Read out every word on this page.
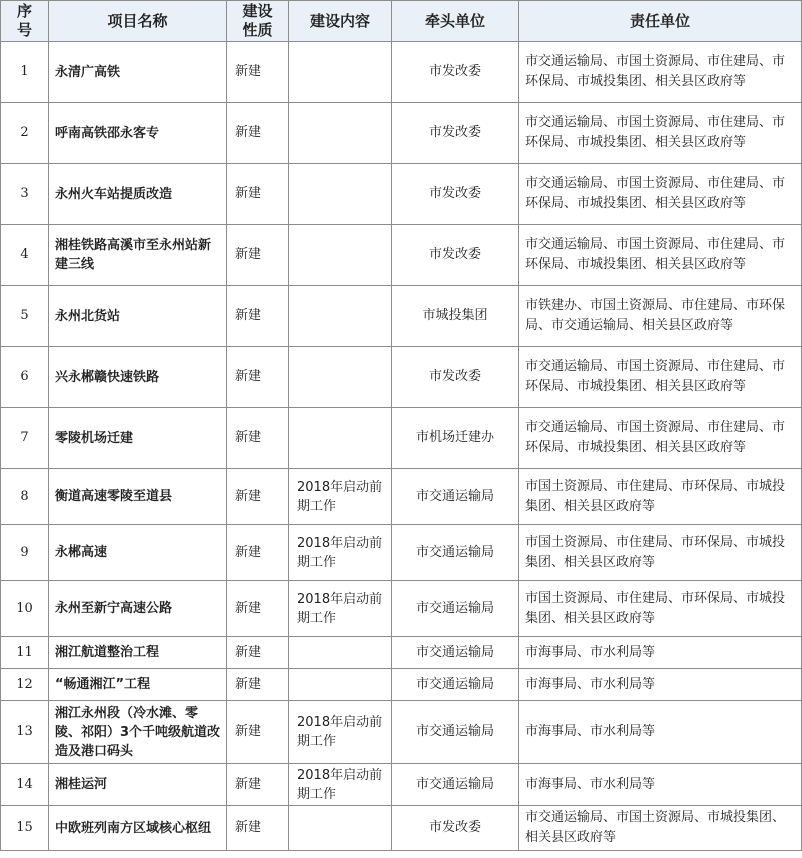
序号	项目名称	建设性质	建设内容	牵头单位	责任单位
1	永清广高铁	新建		市发改委	市交通运输局、市国土资源局、市住建局、市环保局、市城投集团、相关县区政府等
2	呼南高铁邵永客专	新建		市发改委	市交通运输局、市国土资源局、市住建局、市环保局、市城投集团、相关县区政府等
3	永州火车站提质改造	新建		市发改委	市交通运输局、市国土资源局、市住建局、市环保局、市城投集团、相关县区政府等
4	湘桂铁路高溪市至永州站新建三线	新建		市发改委	市交通运输局、市国土资源局、市住建局、市环保局、市城投集团、相关县区政府等
5	永州北货站	新建		市城投集团	市铁建办、市国土资源局、市住建局、市环保局、市交通运输局、相关县区政府等
6	兴永郴赣快速铁路	新建		市发改委	市交通运输局、市国土资源局、市住建局、市环保局、市城投集团、相关县区政府等
7	零陵机场迁建	新建		市机场迁建办	市交通运输局、市国土资源局、市住建局、市环保局、市城投集团、相关县区政府等
8	衡道高速零陵至道县	新建	2018年启动前期工作	市交通运输局	市国土资源局、市住建局、市环保局、市城投集团、相关县区政府等
9	永郴高速	新建	2018年启动前期工作	市交通运输局	市国土资源局、市住建局、市环保局、市城投集团、相关县区政府等
10	永州至新宁高速公路	新建	2018年启动前期工作	市交通运输局	市国土资源局、市住建局、市环保局、市城投集团、相关县区政府等
11	湘江航道整治工程	新建		市交通运输局	市海事局、市水利局等
12	“畅通湘江”工程	新建		市交通运输局	市海事局、市水利局等
13	湘江永州段（冷水滩、零陵、祁阳）3个千吨级航道改造及港口码头	新建	2018年启动前期工作	市交通运输局	市海事局、市水利局等
14	湘桂运河	新建	2018年启动前期工作	市交通运输局	市海事局、市水利局等
15	中欧班列南方区域核心枢纽	新建		市发改委	市交通运输局、市国土资源局、市城投集团、相关县区政府等
